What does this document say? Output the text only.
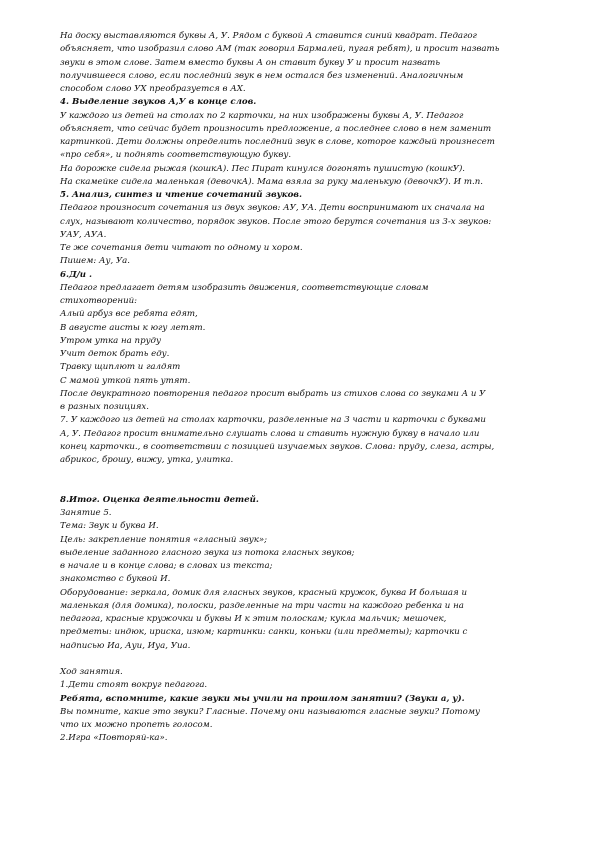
На доску выставляются буквы А, У. Рядом с буквой А ставится синий квадрат. Педагог
объясняет, что изобразил слово АМ (так говорил Бармалей, пугая ребят), и просит назвать
звуки в этом слове. Затем вместо буквы А он ставит букву У и просит назвать
получившееся слово, если последний звук в нем остался без изменений. Аналогичным
способом слово УХ преобразуется в АХ.
4. Выделение звуков А,У в конце слов.
У каждого из детей на столах по 2 карточки, на них изображены буквы А, У. Педагог
объясняет, что сейчас будет произносить предложение, а последнее слово в нем заменит
картинкой. Дети должны определить последний звук в слове, которое каждый произнесет
«про себя», и поднять соответствующую букву.
На дорожке сидела рыжая (кошкА). Пес Пират кинулся догонять пушистую (кошкУ).
На скамейке сидела маленькая (девочкА). Мама взяла за руку маленькую (девочкУ). И т.п.
5. Анализ, синтез и чтение сочетаний звуков.
Педагог произносит сочетания из двух звуков: АУ, УА. Дети воспринимают их сначала на
слух, называют количество, порядок звуков. После этого берутся сочетания из 3-х звуков:
УАУ, АУА.
Те же сочетания дети читают по одному и хором.
Пишем: Ау, Уа.
6.Д/и .
Педагог предлагает детям изобразить движения, соответствующие словам
стихотворений:
Алый арбуз все ребята едят,
В августе аисты к югу летят.
Утром утка на пруду
Учит деток брать еду.
Травку щиплют и галдят
С мамой уткой пять утят.
После двукратного повторения педагог просит выбрать из стихов слова со звуками А и У
в разных позициях.
7. У каждого из детей на столах карточки, разделенные на 3 части и карточки с буквами
А, У. Педагог просит внимательно слушать слова и ставить нужную букву в начало или
конец карточки., в соответствии с позицией изучаемых звуков. Слова: пруду, слеза, астры,
абрикос, брошу, вижу, утка, улитка.
8.Итог. Оценка деятельности детей.
Занятие 5.
Тема: Звук и буква И.
Цель: закрепление понятия «гласный звук»;
выделение заданного гласного звука из потока гласных звуков;
в начале и в конце слова; в словах из текста;
знакомство с буквой И.
Оборудование: зеркала, домик для гласных звуков, красный кружок, буква И большая и
маленькая (для домика), полоски, разделенные на три части на каждого ребенка и на
педагога, красные кружочки и буквы И к этим полоскам; кукла мальчик; мешочек,
предметы: индюк, ириска, изюм; картинки: санки, коньки (или предметы); карточки с
надписью Иа, Ауи, Иуа, Уиа.
Ход занятия.
1.Дети стоят вокруг педагога.
Ребята, вспомните, какие звуки мы учили на прошлом занятии? (Звуки а, у).
Вы помните, какие это звуки? Гласные. Почему они называются гласные звуки? Потому
что их можно пропеть голосом.
2.Игра «Повторяй-ка».
